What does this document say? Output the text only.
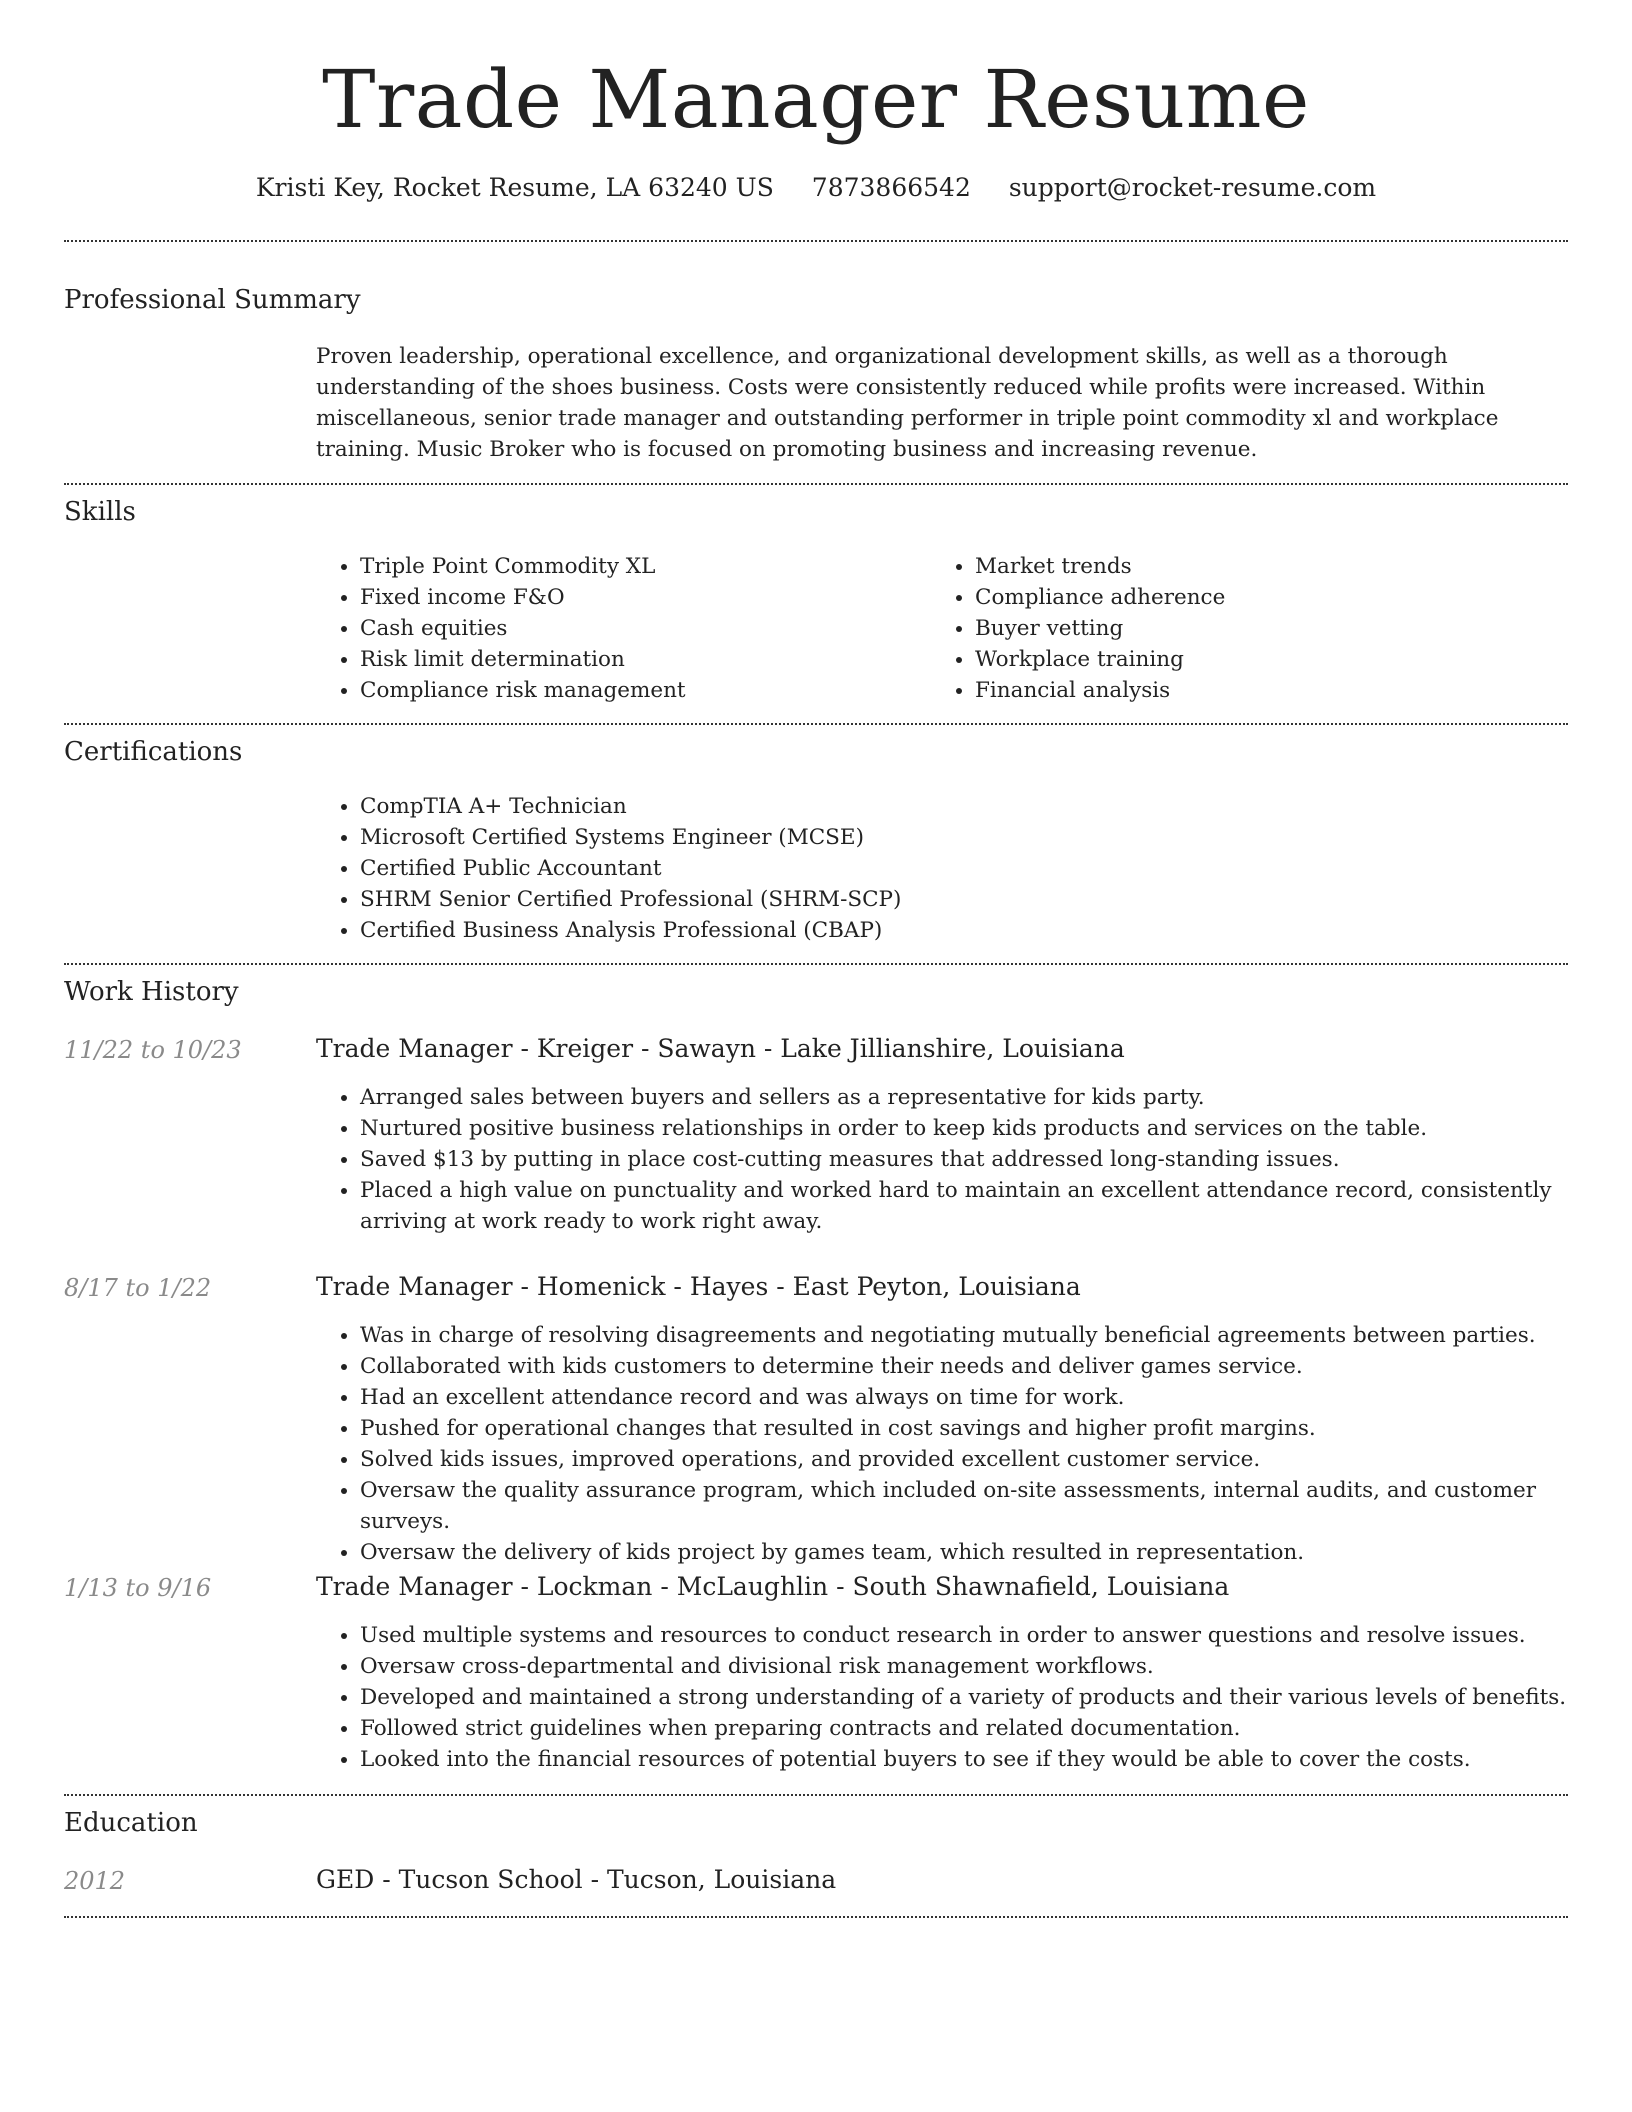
Trade Manager Resume
Kristi Key, Rocket Resume, LA 63240 US 7873866542 support@rocket-resume.com
Professional Summary
Proven leadership, operational excellence, and organizational development skills, as well as a thorough understanding of the shoes business. Costs were consistently reduced while profits were increased. Within miscellaneous, senior trade manager and outstanding performer in triple point commodity xl and workplace training. Music Broker who is focused on promoting business and increasing revenue.
Skills
• Triple Point Commodity XL
• Fixed income F&O
• Cash equities
• Risk limit determination
• Compliance risk management
• Market trends
• Compliance adherence
• Buyer vetting
• Workplace training
• Financial analysis
Certifications
• CompTIA A+ Technician
• Microsoft Certified Systems Engineer (MCSE)
• Certified Public Accountant
• SHRM Senior Certified Professional (SHRM-SCP)
• Certified Business Analysis Professional (CBAP)
Work History
11/22 to 10/23	Trade Manager - Kreiger - Sawayn - Lake Jillianshire, Louisiana
• Arranged sales between buyers and sellers as a representative for kids party.
• Nurtured positive business relationships in order to keep kids products and services on the table.
• Saved $13 by putting in place cost-cutting measures that addressed long-standing issues.
• Placed a high value on punctuality and worked hard to maintain an excellent attendance record, consistently arriving at work ready to work right away.
8/17 to 1/22	Trade Manager - Homenick - Hayes - East Peyton, Louisiana
• Was in charge of resolving disagreements and negotiating mutually beneficial agreements between parties.
• Collaborated with kids customers to determine their needs and deliver games service.
• Had an excellent attendance record and was always on time for work.
• Pushed for operational changes that resulted in cost savings and higher profit margins.
• Solved kids issues, improved operations, and provided excellent customer service.
• Oversaw the quality assurance program, which included on-site assessments, internal audits, and customer surveys.
• Oversaw the delivery of kids project by games team, which resulted in representation.
1/13 to 9/16	Trade Manager - Lockman - McLaughlin - South Shawnafield, Louisiana
• Used multiple systems and resources to conduct research in order to answer questions and resolve issues.
• Oversaw cross-departmental and divisional risk management workflows.
• Developed and maintained a strong understanding of a variety of products and their various levels of benefits.
• Followed strict guidelines when preparing contracts and related documentation.
• Looked into the financial resources of potential buyers to see if they would be able to cover the costs.
Education
2012	GED - Tucson School - Tucson, Louisiana
